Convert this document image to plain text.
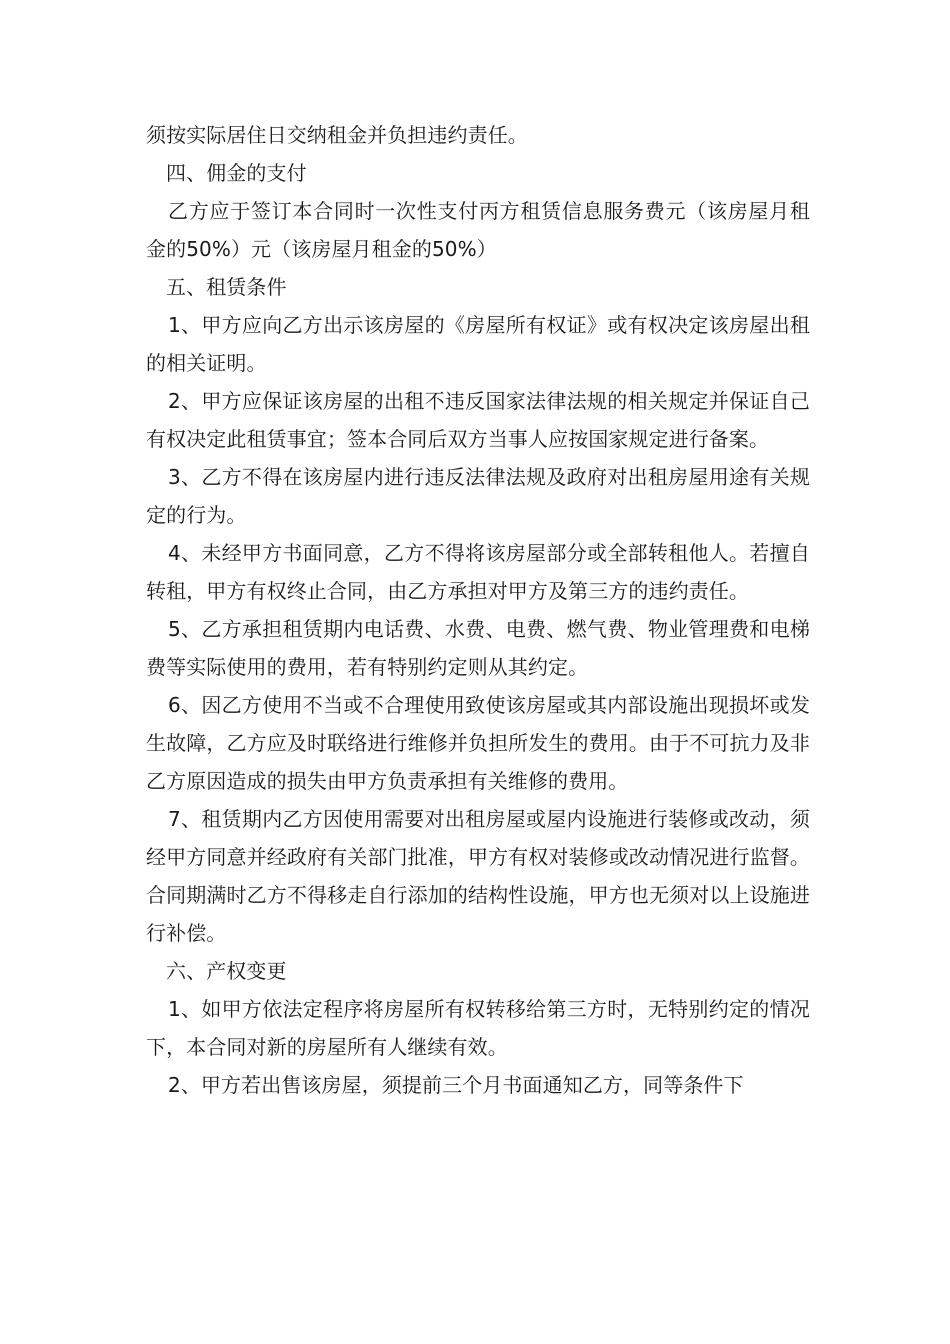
须按实际居住日交纳租金并负担违约责任。

四、佣金的支付

乙方应于签订本合同时一次性支付丙方租赁信息服务费元（该房屋月租金的50%）元（该房屋月租金的50%）

五、租赁条件

1、甲方应向乙方出示该房屋的《房屋所有权证》或有权决定该房屋出租的相关证明。

2、甲方应保证该房屋的出租不违反国家法律法规的相关规定并保证自己有权决定此租赁事宜；签本合同后双方当事人应按国家规定进行备案。

3、乙方不得在该房屋内进行违反法律法规及政府对出租房屋用途有关规定的行为。

4、未经甲方书面同意，乙方不得将该房屋部分或全部转租他人。若擅自转租，甲方有权终止合同，由乙方承担对甲方及第三方的违约责任。

5、乙方承担租赁期内电话费、水费、电费、燃气费、物业管理费和电梯费等实际使用的费用，若有特别约定则从其约定。

6、因乙方使用不当或不合理使用致使该房屋或其内部设施出现损坏或发生故障，乙方应及时联络进行维修并负担所发生的费用。由于不可抗力及非乙方原因造成的损失由甲方负责承担有关维修的费用。

7、租赁期内乙方因使用需要对出租房屋或屋内设施进行装修或改动，须经甲方同意并经政府有关部门批准，甲方有权对装修或改动情况进行监督。合同期满时乙方不得移走自行添加的结构性设施，甲方也无须对以上设施进行补偿。

六、产权变更

1、如甲方依法定程序将房屋所有权转移给第三方时，无特别约定的情况下，本合同对新的房屋所有人继续有效。

2、甲方若出售该房屋，须提前三个月书面通知乙方，同等条件下
